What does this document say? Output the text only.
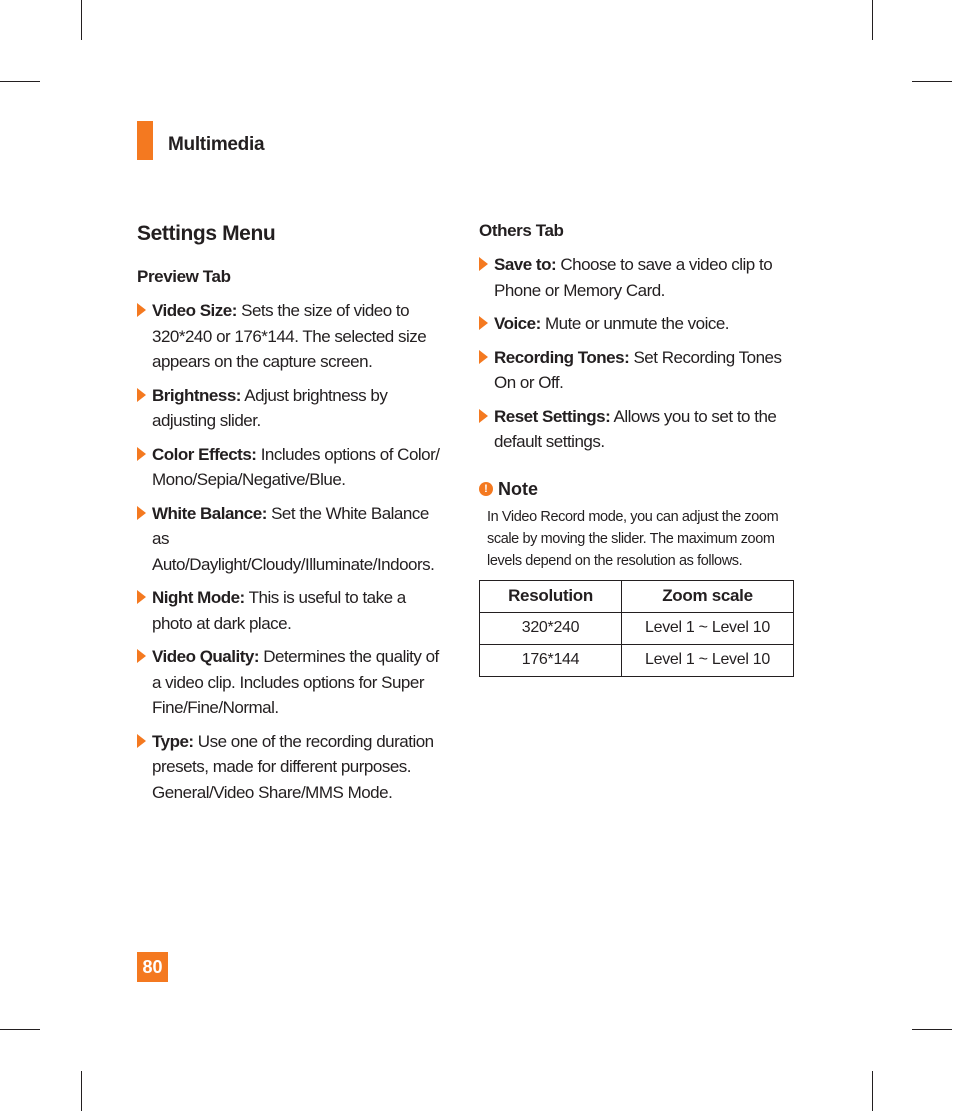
Multimedia
Settings Menu
Preview Tab
Video Size: Sets the size of video to 320*240 or 176*144. The selected size appears on the capture screen.
Brightness: Adjust brightness by adjusting slider.
Color Effects: Includes options of Color/ Mono/Sepia/Negative/Blue.
White Balance: Set the White Balance as Auto/Daylight/Cloudy/Illuminate/Indoors.
Night Mode: This is useful to take a photo at dark place.
Video Quality: Determines the quality of a video clip. Includes options for Super Fine/Fine/Normal.
Type: Use one of the recording duration presets, made for different purposes. General/Video Share/MMS Mode.
Others Tab
Save to: Choose to save a video clip to Phone or Memory Card.
Voice: Mute or unmute the voice.
Recording Tones: Set Recording Tones On or Off.
Reset Settings: Allows you to set to the default settings.
! Note

In Video Record mode, you can adjust the zoom scale by moving the slider. The maximum zoom levels depend on the resolution as follows.

Resolution	Zoom scale
320*240	Level 1 ~ Level 10
176*144	Level 1 ~ Level 10
80
